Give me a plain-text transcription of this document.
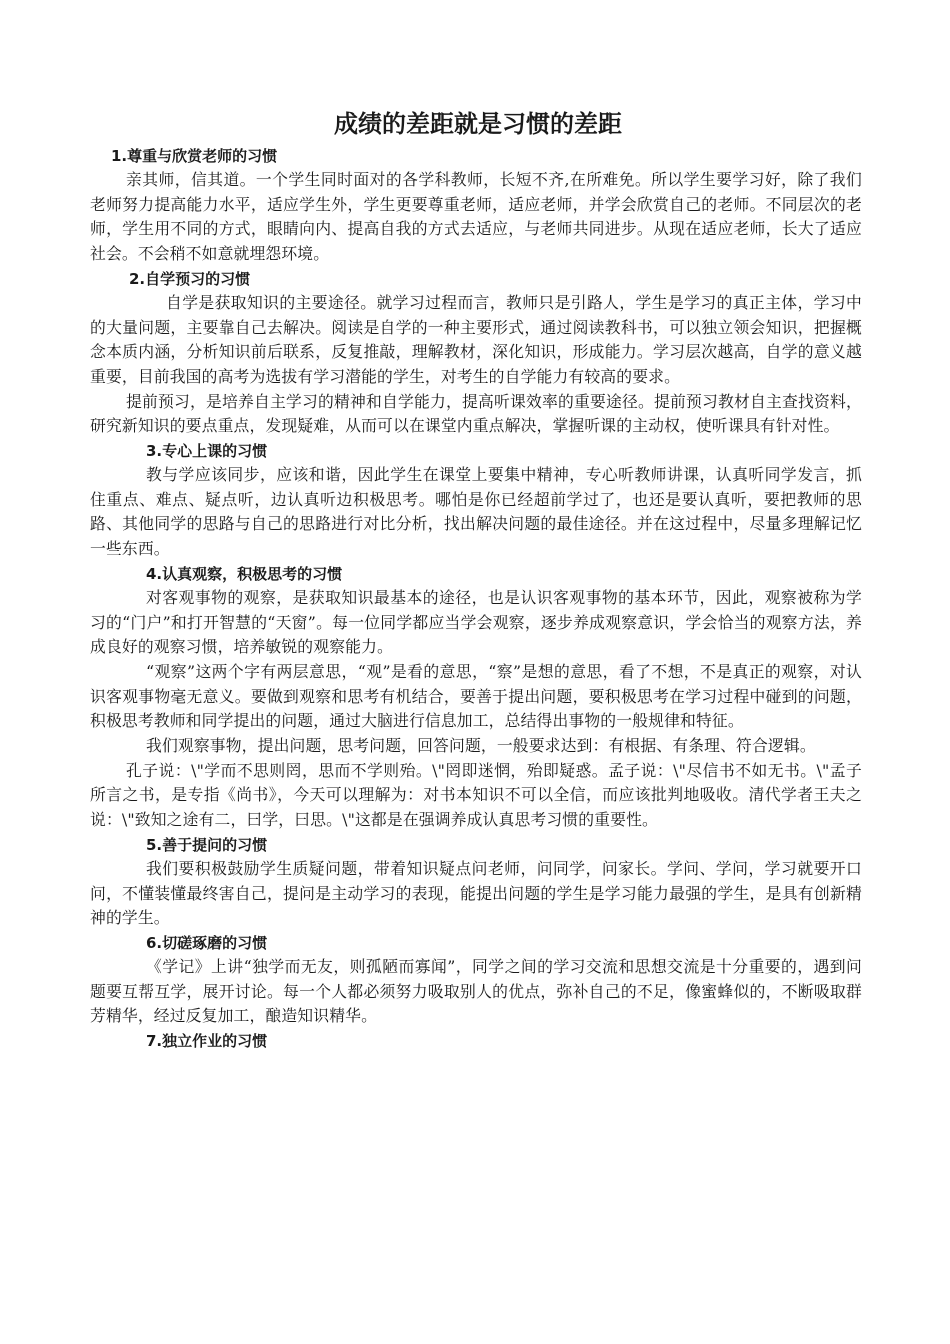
成绩的差距就是习惯的差距

1.尊重与欣赏老师的习惯

亲其师，信其道。一个学生同时面对的各学科教师，长短不齐,在所难免。所以学生要学习好，除了我们老师努力提高能力水平，适应学生外，学生更要尊重老师，适应老师，并学会欣赏自己的老师。不同层次的老师，学生用不同的方式，眼睛向内、提高自我的方式去适应，与老师共同进步。从现在适应老师，长大了适应社会。不会稍不如意就埋怨环境。

2.自学预习的习惯

自学是获取知识的主要途径。就学习过程而言，教师只是引路人，学生是学习的真正主体，学习中的大量问题，主要靠自己去解决。阅读是自学的一种主要形式，通过阅读教科书，可以独立领会知识，把握概念本质内涵，分析知识前后联系，反复推敲，理解教材，深化知识，形成能力。学习层次越高，自学的意义越重要，目前我国的高考为选拔有学习潜能的学生，对考生的自学能力有较高的要求。

提前预习，是培养自主学习的精神和自学能力，提高听课效率的重要途径。提前预习教材自主查找资料，研究新知识的要点重点，发现疑难，从而可以在课堂内重点解决，掌握听课的主动权，使听课具有针对性。

3.专心上课的习惯

教与学应该同步，应该和谐，因此学生在课堂上要集中精神，专心听教师讲课，认真听同学发言，抓住重点、难点、疑点听，边认真听边积极思考。哪怕是你已经超前学过了，也还是要认真听，要把教师的思路、其他同学的思路与自己的思路进行对比分析，找出解决问题的最佳途径。并在这过程中，尽量多理解记忆一些东西。

4.认真观察，积极思考的习惯

对客观事物的观察，是获取知识最基本的途径，也是认识客观事物的基本环节，因此，观察被称为学习的“门户”和打开智慧的“天窗”。每一位同学都应当学会观察，逐步养成观察意识，学会恰当的观察方法，养成良好的观察习惯，培养敏锐的观察能力。

“观察”这两个字有两层意思，“观”是看的意思，“察”是想的意思，看了不想，不是真正的观察，对认识客观事物毫无意义。要做到观察和思考有机结合，要善于提出问题，要积极思考在学习过程中碰到的问题，积极思考教师和同学提出的问题，通过大脑进行信息加工，总结得出事物的一般规律和特征。

我们观察事物，提出问题，思考问题，回答问题，一般要求达到：有根据、有条理、符合逻辑。

孔子说：\"学而不思则罔，思而不学则殆。\"罔即迷惘，殆即疑惑。孟子说：\"尽信书不如无书。\"孟子所言之书，是专指《尚书》，今天可以理解为：对书本知识不可以全信，而应该批判地吸收。清代学者王夫之说：\"致知之途有二，曰学，曰思。\"这都是在强调养成认真思考习惯的重要性。

5.善于提问的习惯

我们要积极鼓励学生质疑问题，带着知识疑点问老师，问同学，问家长。学问、学问，学习就要开口问，不懂装懂最终害自己，提问是主动学习的表现，能提出问题的学生是学习能力最强的学生，是具有创新精神的学生。

6.切磋琢磨的习惯

《学记》上讲“独学而无友，则孤陋而寡闻”，同学之间的学习交流和思想交流是十分重要的，遇到问题要互帮互学，展开讨论。每一个人都必须努力吸取别人的优点，弥补自己的不足，像蜜蜂似的，不断吸取群芳精华，经过反复加工，酿造知识精华。

7.独立作业的习惯
